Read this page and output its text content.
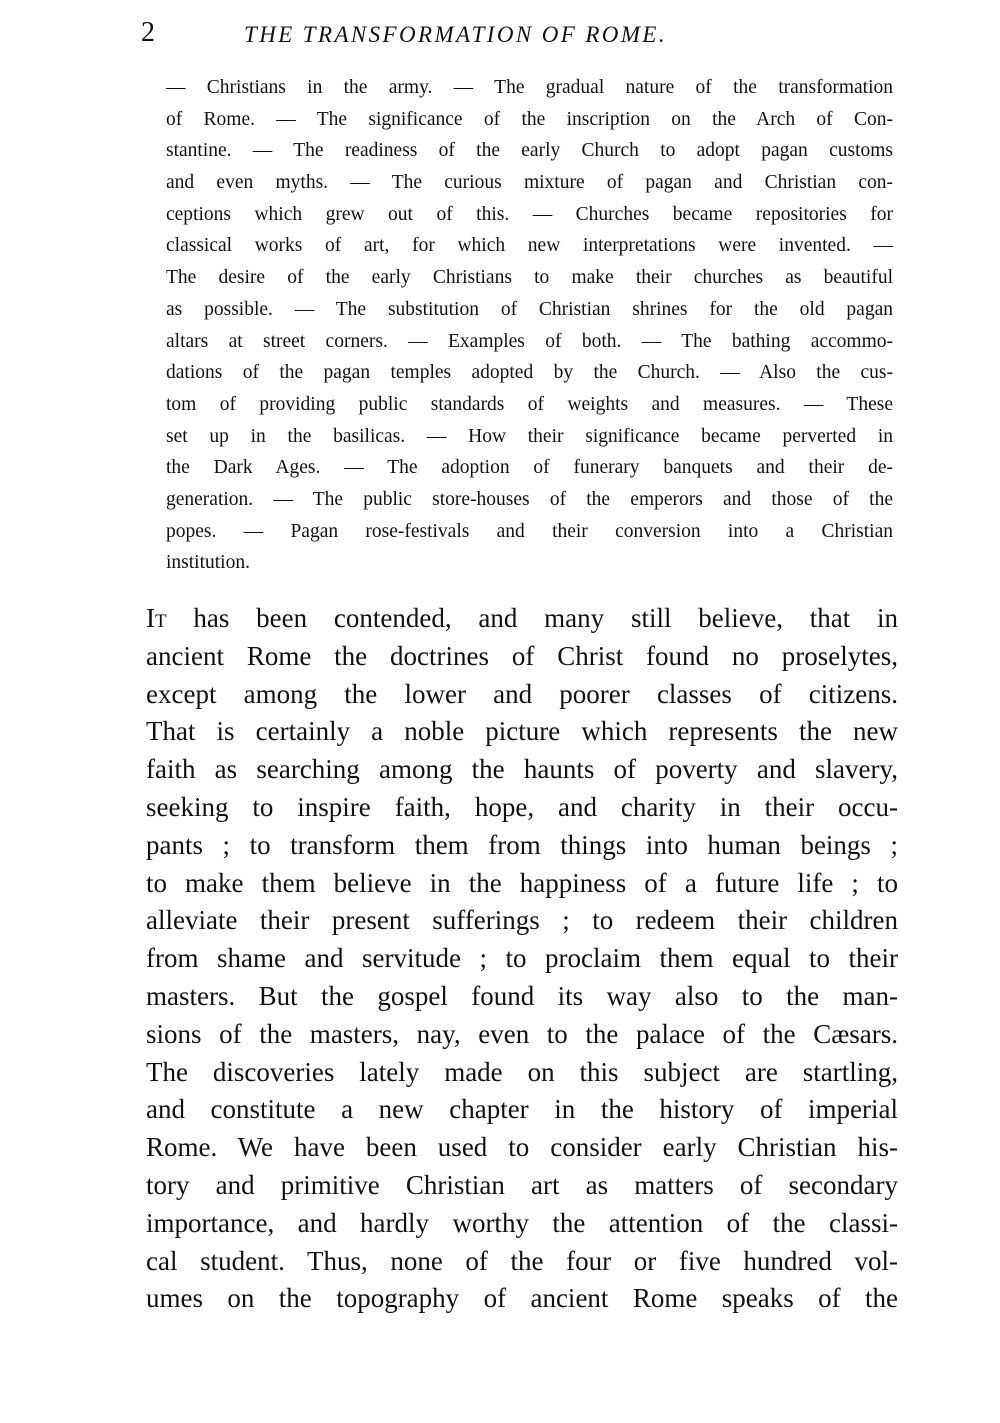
2	THE TRANSFORMATION OF ROME.
— Christians in the army. — The gradual nature of the transformation
of Rome. — The significance of the inscription on the Arch of Con-
stantine. — The readiness of the early Church to adopt pagan customs
and even myths. — The curious mixture of pagan and Christian con-
ceptions which grew out of this. — Churches became repositories for
classical works of art, for which new interpretations were invented. —
The desire of the early Christians to make their churches as beautiful
as possible. — The substitution of Christian shrines for the old pagan
altars at street corners. — Examples of both. — The bathing accommo-
dations of the pagan temples adopted by the Church. — Also the cus-
tom of providing public standards of weights and measures. — These
set up in the basilicas. — How their significance became perverted in
the Dark Ages. — The adoption of funerary banquets and their de-
generation. — The public store-houses of the emperors and those of the
popes. — Pagan rose-festivals and their conversion into a Christian
institution.
It has been contended, and many still believe, that in
ancient Rome the doctrines of Christ found no proselytes,
except among the lower and poorer classes of citizens.
That is certainly a noble picture which represents the new
faith as searching among the haunts of poverty and slavery,
seeking to inspire faith, hope, and charity in their occu-
pants ; to transform them from things into human beings ;
to make them believe in the happiness of a future life ; to
alleviate their present sufferings ; to redeem their children
from shame and servitude ; to proclaim them equal to their
masters. But the gospel found its way also to the man-
sions of the masters, nay, even to the palace of the Cæsars.
The discoveries lately made on this subject are startling,
and constitute a new chapter in the history of imperial
Rome. We have been used to consider early Christian his-
tory and primitive Christian art as matters of secondary
importance, and hardly worthy the attention of the classi-
cal student. Thus, none of the four or five hundred vol-
umes on the topography of ancient Rome speaks of the
